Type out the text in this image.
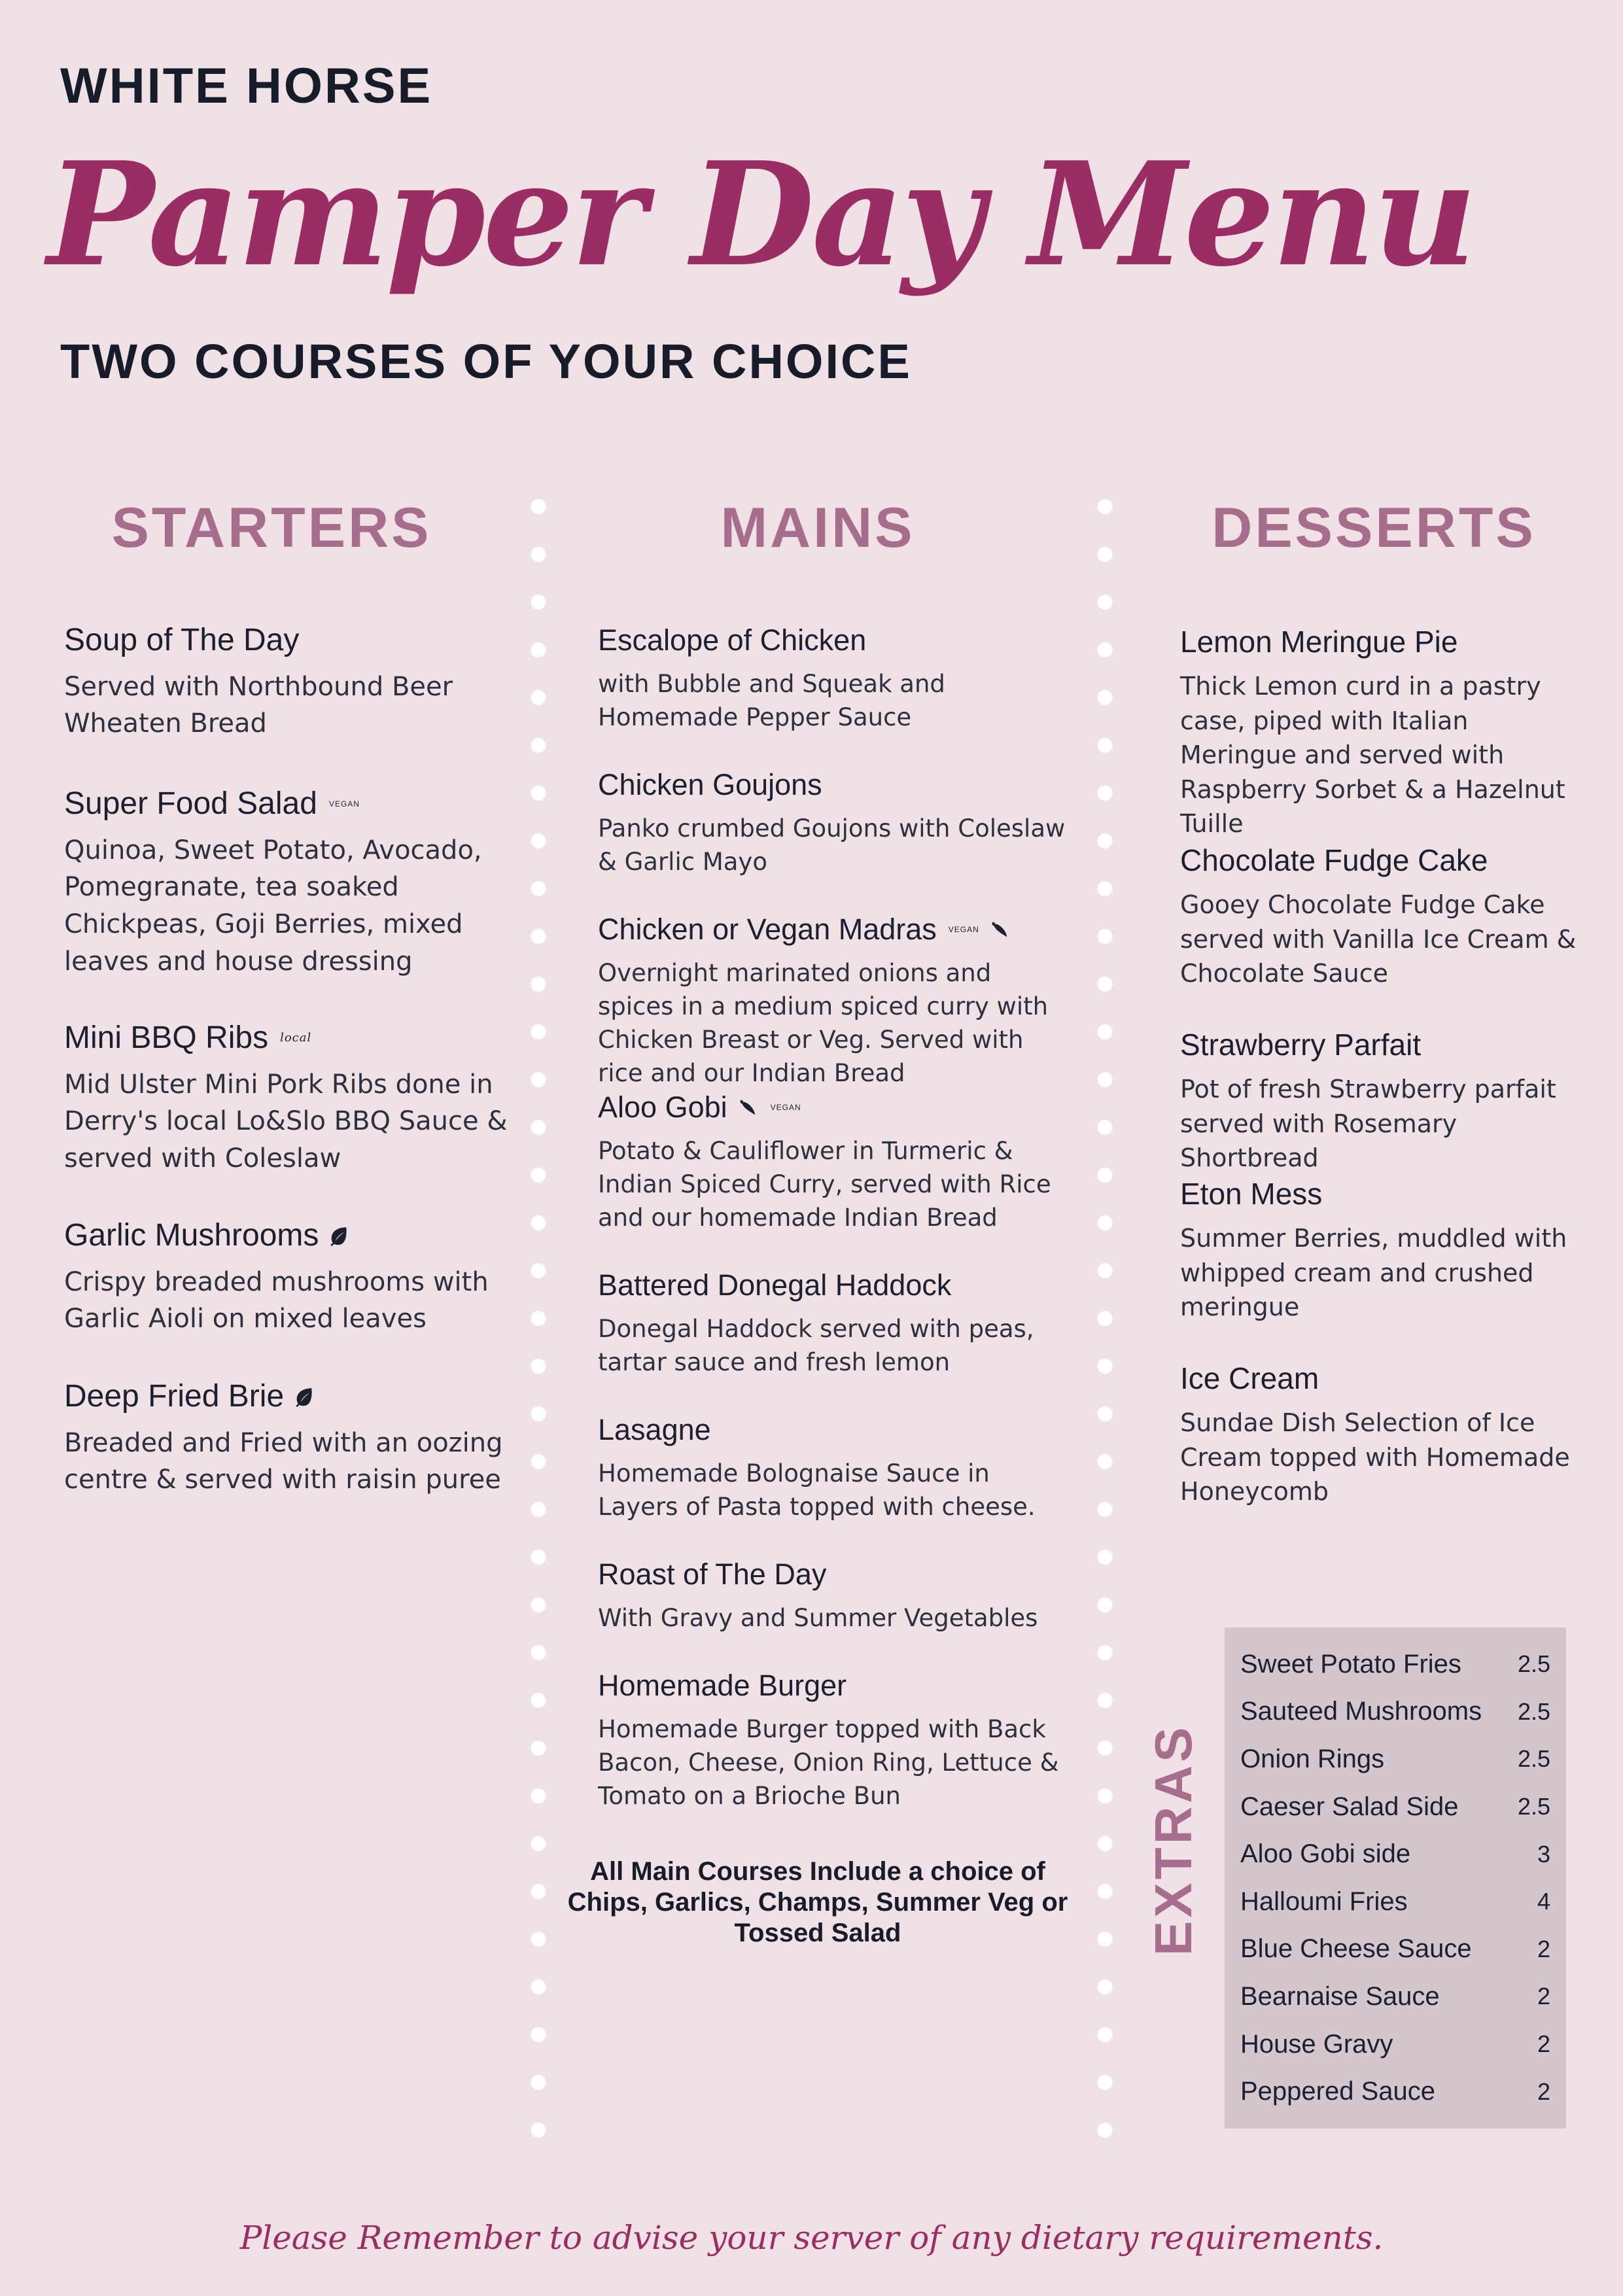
WHITE HORSE
Pamper Day Menu
TWO COURSES OF YOUR CHOICE
STARTERS	MAINS	DESSERTS
Soup of The Day
Served with Northbound Beer Wheaten Bread
Super Food Salad VEGAN
Quinoa, Sweet Potato, Avocado, Pomegranate, tea soaked Chickpeas, Goji Berries, mixed leaves and house dressing
Mini BBQ Ribs local
Mid Ulster Mini Pork Ribs done in Derry's local Lo&Slo BBQ Sauce & served with Coleslaw
Garlic Mushrooms
Crispy breaded mushrooms with Garlic Aioli on mixed leaves
Deep Fried Brie
Breaded and Fried with an oozing centre & served with raisin puree
Escalope of Chicken
with Bubble and Squeak and Homemade Pepper Sauce
Chicken Goujons
Panko crumbed Goujons with Coleslaw & Garlic Mayo
Chicken or Vegan Madras VEGAN
Overnight marinated onions and spices in a medium spiced curry with Chicken Breast or Veg. Served with rice and our Indian Bread
Aloo Gobi	VEGAN
Potato & Cauliflower in Turmeric & Indian Spiced Curry, served with Rice and our homemade Indian Bread
Battered Donegal Haddock
Donegal Haddock served with peas, tartar sauce and fresh lemon
Lasagne
Homemade Bolognaise Sauce in Layers of Pasta topped with cheese.
Roast of The Day
With Gravy and Summer Vegetables
Homemade Burger
Homemade Burger topped with Back Bacon, Cheese, Onion Ring, Lettuce & Tomato on a Brioche Bun
All Main Courses Include a choice of Chips, Garlics, Champs, Summer Veg or Tossed Salad
Lemon Meringue Pie
Thick Lemon curd in a pastry case, piped with Italian Meringue and served with Raspberry Sorbet & a Hazelnut Tuille
Chocolate Fudge Cake
Gooey Chocolate Fudge Cake served with Vanilla Ice Cream & Chocolate Sauce
Strawberry Parfait
Pot of fresh Strawberry parfait served with Rosemary Shortbread
Eton Mess
Summer Berries, muddled with whipped cream and crushed meringue
Ice Cream
Sundae Dish Selection of Ice Cream topped with Homemade Honeycomb
EXTRAS
Sweet Potato Fries 2.5
Sauteed Mushrooms 2.5
Onion Rings	2.5
Caeser Salad Side	2.5
Aloo Gobi side	3
Halloumi Fries	4
Blue Cheese Sauce	2
Bearnaise Sauce	2
House Gravy	2
Peppered Sauce	2
Please Remember to advise your server of any dietary requirements.
